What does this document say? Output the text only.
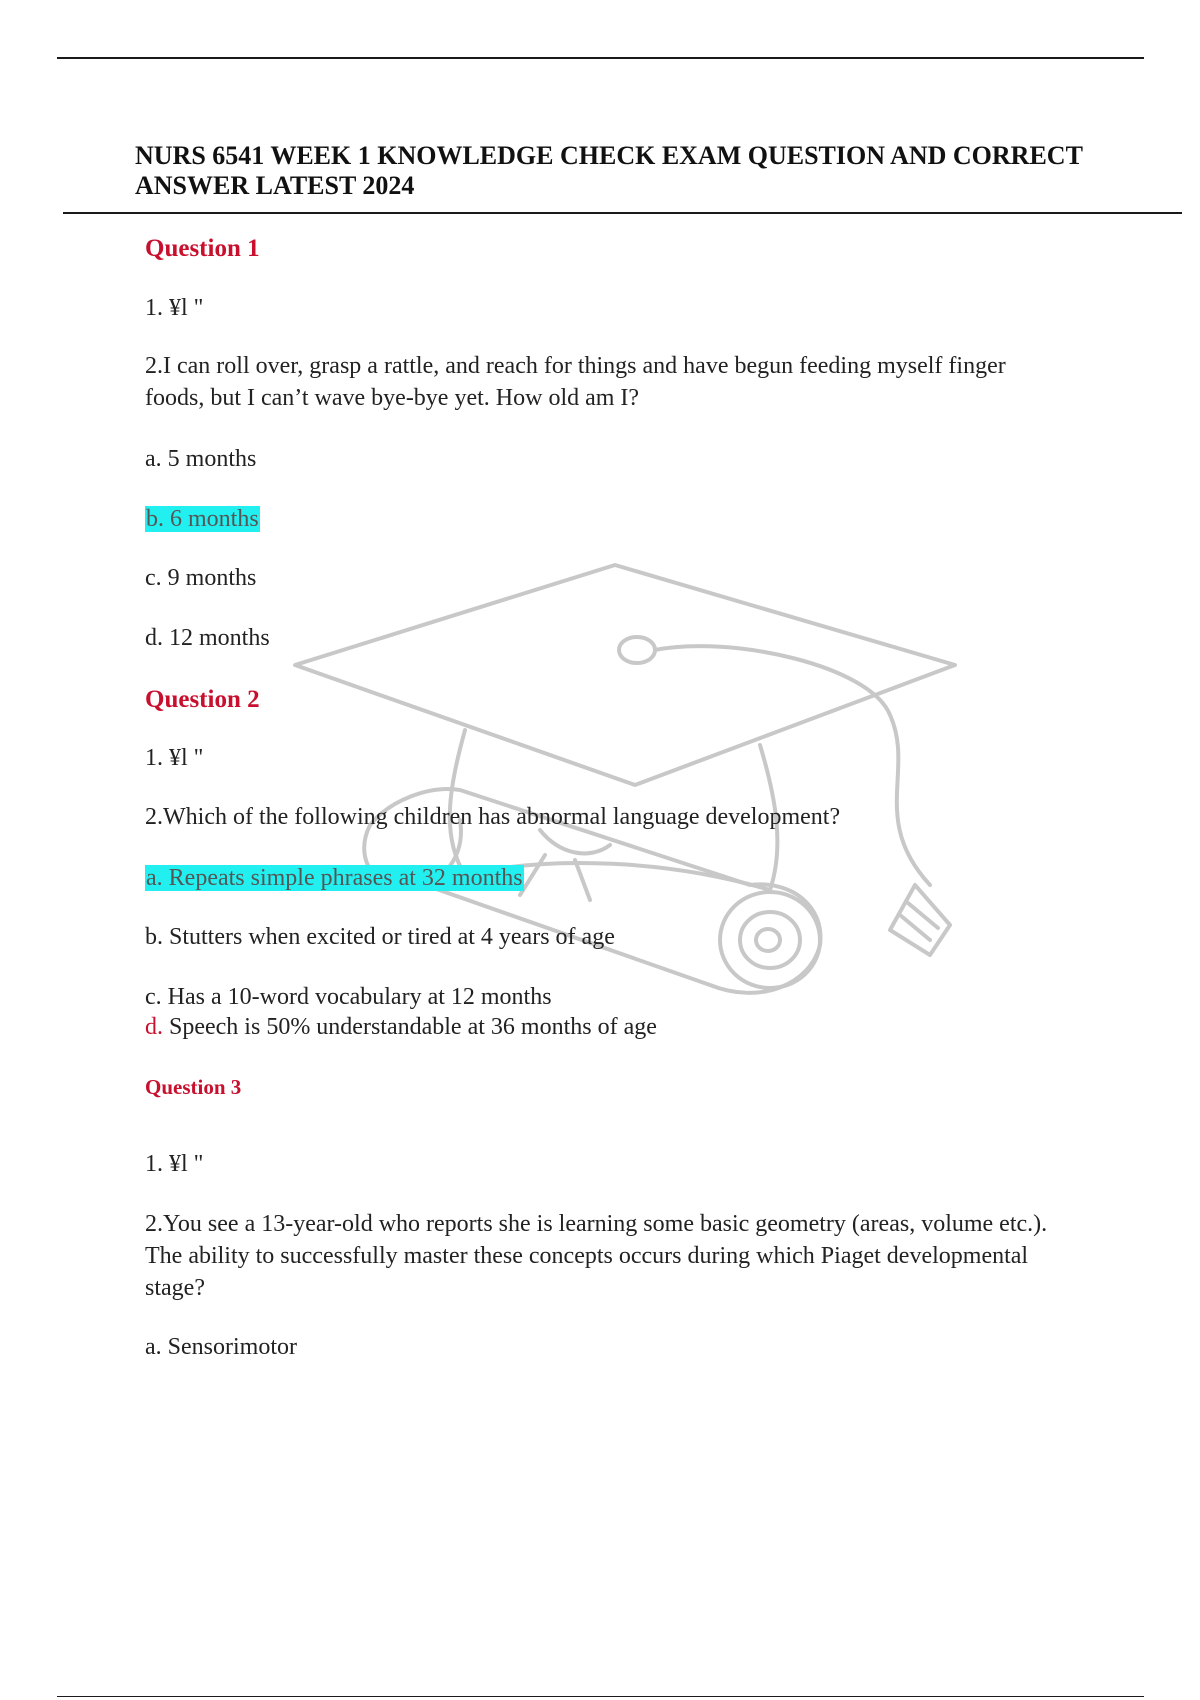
NURS 6541 WEEK 1 KNOWLEDGE CHECK EXAM QUESTION AND CORRECT ANSWER LATEST 2024
Question 1
1. ¥l "
2.I can roll over, grasp a rattle, and reach for things and have begun feeding myself finger foods, but I can’t wave bye-bye yet. How old am I?
a. 5 months
b. 6 months
c. 9 months
d. 12 months
Question 2
1. ¥l "
2.Which of the following children has abnormal language development?
a. Repeats simple phrases at 32 months
b. Stutters when excited or tired at 4 years of age
c. Has a 10-word vocabulary at 12 months
d. Speech is 50% understandable at 36 months of age
Question 3
1. ¥l "
2.You see a 13-year-old who reports she is learning some basic geometry (areas, volume etc.). The ability to successfully master these concepts occurs during which Piaget developmental stage?
a. Sensorimotor
